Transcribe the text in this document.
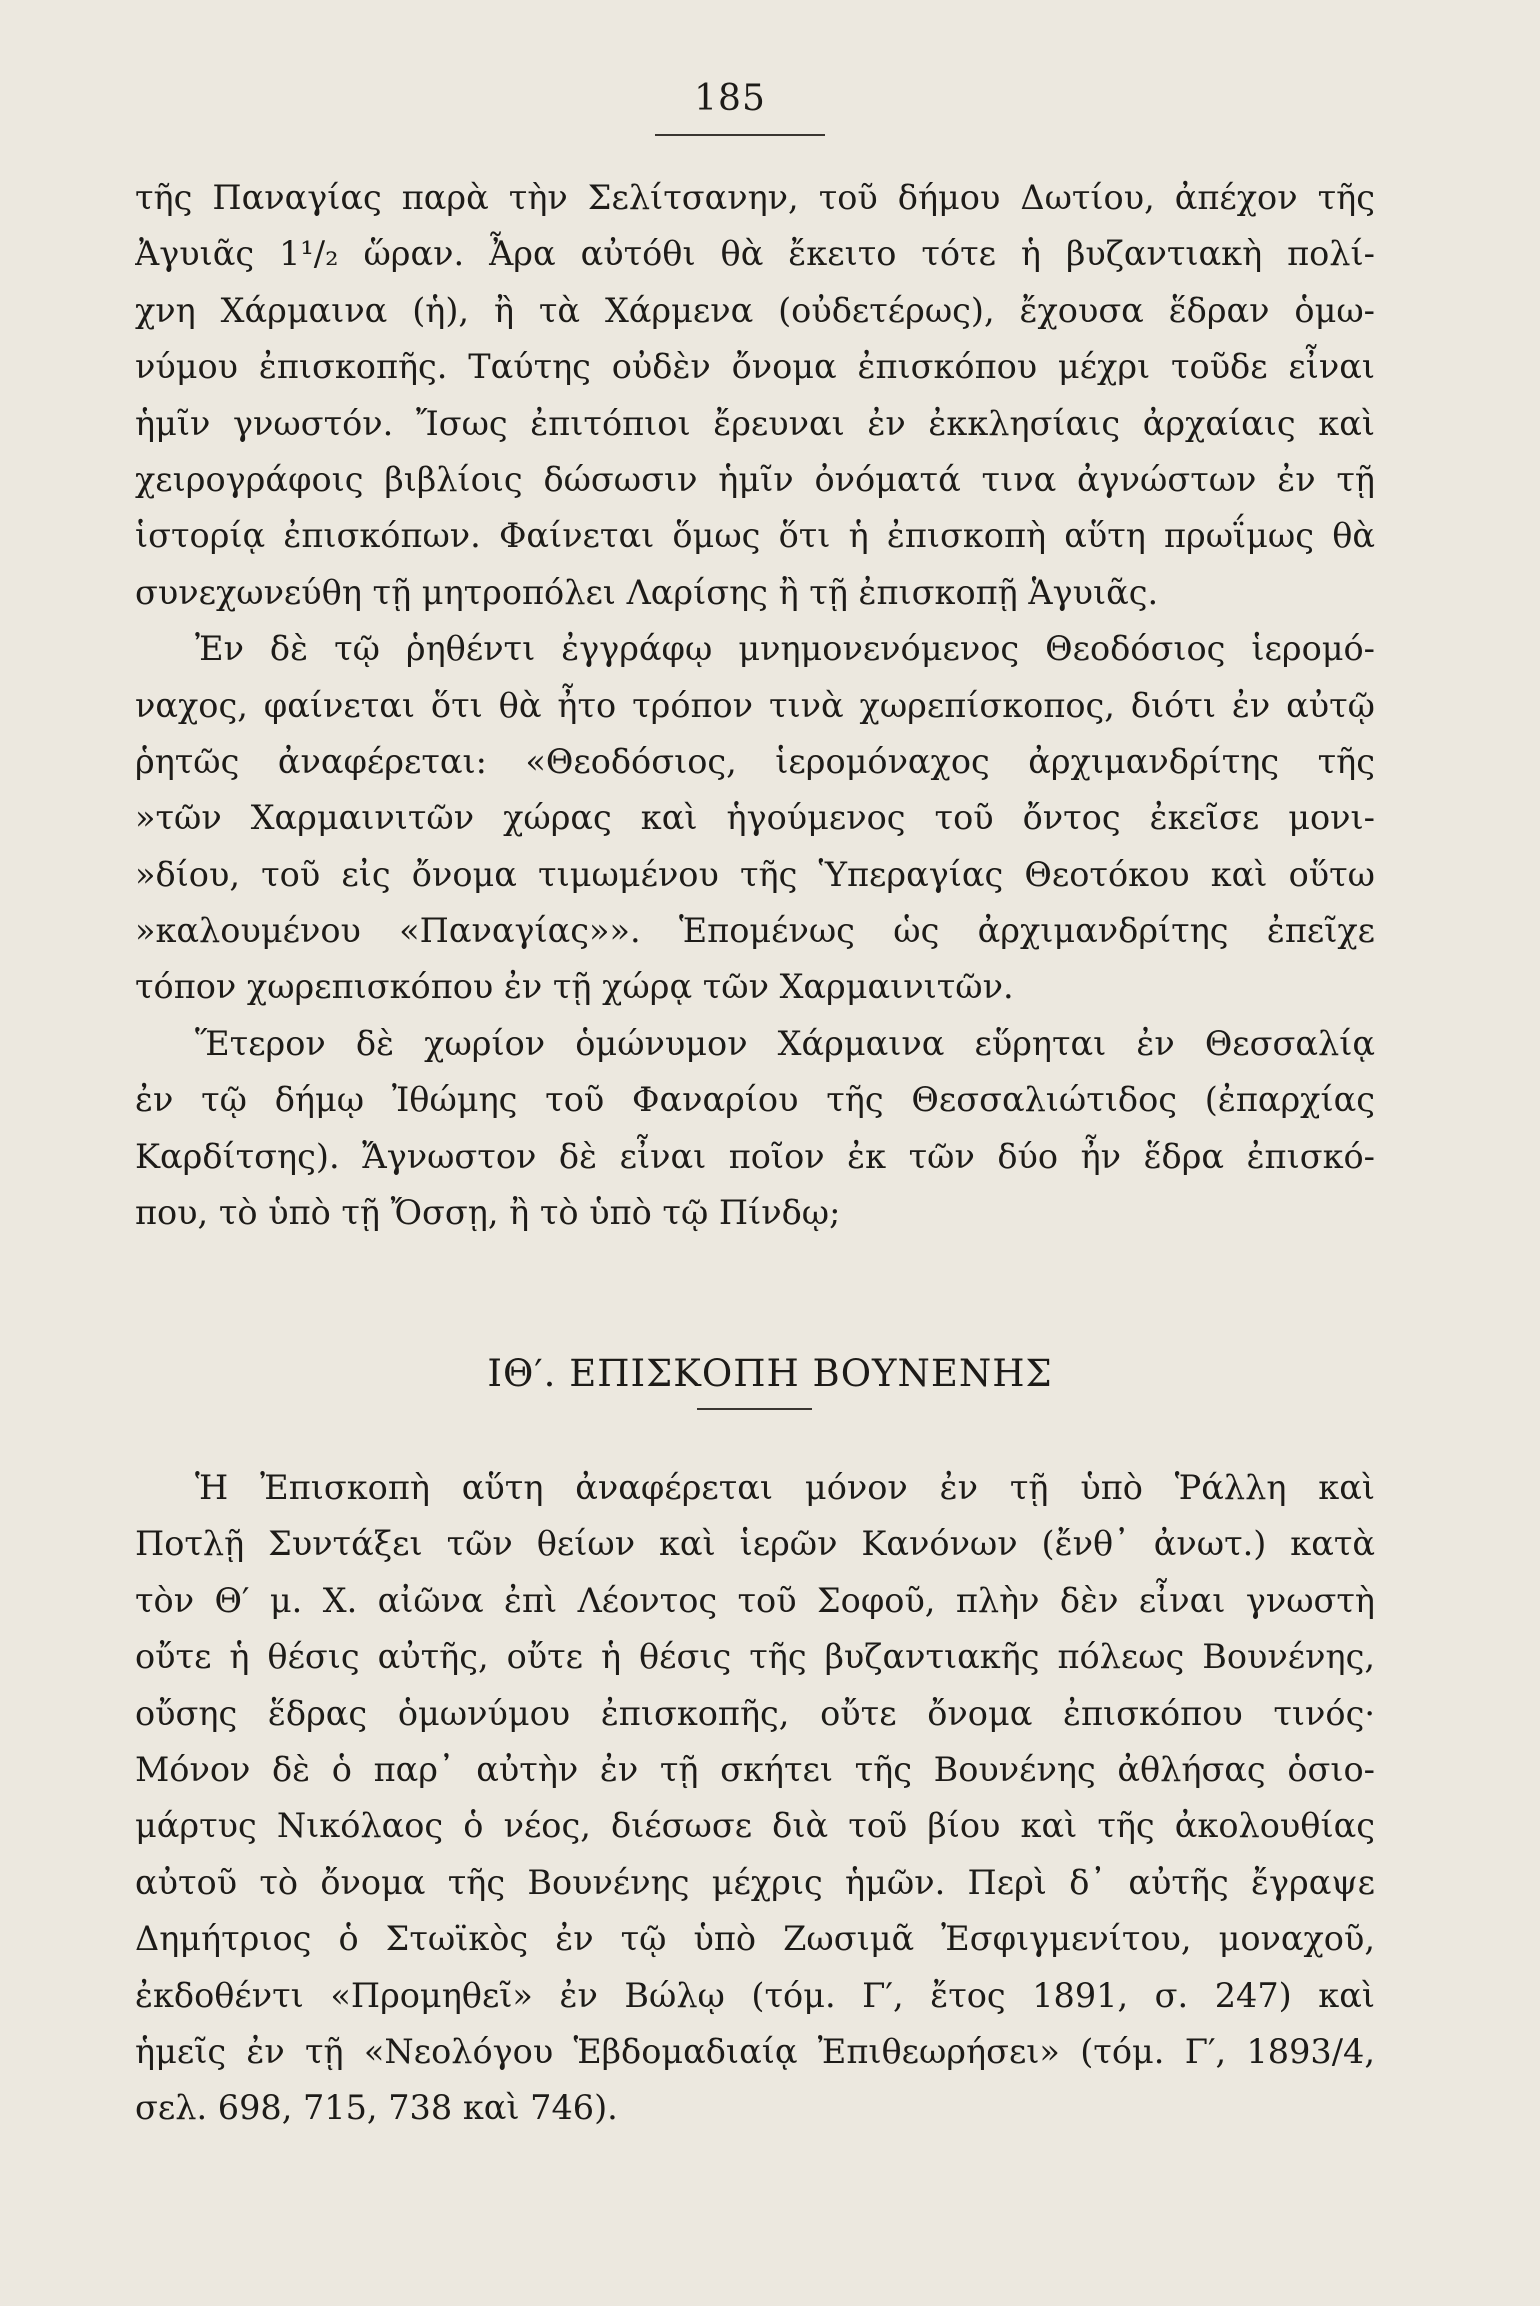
185
τῆς Παναγίας παρὰ τὴν Σελίτσανην, τοῦ δήμου Δωτίου, ἀπέχον τῆς
Ἀγυιᾶς 1¹/₂ ὥραν. Ἆρα αὐτόθι θὰ ἔκειτο τότε ἡ βυζαντιακὴ πολί-
χνη Χάρμαινα (ἡ), ἢ τὰ Χάρμενα (οὐδετέρως), ἔχουσα ἕδραν ὁμω-
νύμου ἐπισκοπῆς. Ταύτης οὐδὲν ὄνομα ἐπισκόπου μέχρι τοῦδε εἶναι
ἡμῖν γνωστόν. Ἴσως ἐπιτόπιοι ἔρευναι ἐν ἐκκλησίαις ἀρχαίαις καὶ
χειρογράφοις βιβλίοις δώσωσιν ἡμῖν ὀνόματά τινα ἀγνώστων ἐν τῇ
ἱστορίᾳ ἐπισκόπων. Φαίνεται ὅμως ὅτι ἡ ἐπισκοπὴ αὕτη πρωΐμως θὰ
συνεχωνεύθη τῇ μητροπόλει Λαρίσης ἢ τῇ ἐπισκοπῇ Ἁγυιᾶς.
Ἐν δὲ τῷ ῥηθέντι ἐγγράφῳ μνημονενόμενος Θεοδόσιος ἱερομό-
ναχος, φαίνεται ὅτι θὰ ἦτο τρόπον τινὰ χωρεπίσκοπος, διότι ἐν αὐτῷ
ῥητῶς ἀναφέρεται: «Θεοδόσιος, ἱερομόναχος ἀρχιμανδρίτης τῆς
»τῶν Χαρμαινιτῶν χώρας καὶ ἡγούμενος τοῦ ὄντος ἐκεῖσε μονι-
»δίου, τοῦ εἰς ὄνομα τιμωμένου τῆς Ὑπεραγίας Θεοτόκου καὶ οὕτω
»καλουμένου «Παναγίας»». Ἑπομένως ὡς ἀρχιμανδρίτης ἐπεῖχε
τόπον χωρεπισκόπου ἐν τῇ χώρᾳ τῶν Χαρμαινιτῶν.
Ἕτερον δὲ χωρίον ὁμώνυμον Χάρμαινα εὕρηται ἐν Θεσσαλίᾳ
ἐν τῷ δήμῳ Ἰθώμης τοῦ Φαναρίου τῆς Θεσσαλιώτιδος (ἐπαρχίας
Καρδίτσης). Ἄγνωστον δὲ εἶναι ποῖον ἐκ τῶν δύο ἦν ἕδρα ἐπισκό-
που, τὸ ὑπὸ τῇ Ὄσσῃ, ἢ τὸ ὑπὸ τῷ Πίνδῳ;
ΙΘ′. ΕΠΙΣΚΟΠΗ ΒΟΥΝΕΝΗΣ
Ἡ Ἐπισκοπὴ αὕτη ἀναφέρεται μόνον ἐν τῇ ὑπὸ Ῥάλλη καὶ
Ποτλῇ Συντάξει τῶν θείων καὶ ἱερῶν Κανόνων (ἔνθ᾽ ἀνωτ.) κατὰ
τὸν Θ′ μ. Χ. αἰῶνα ἐπὶ Λέοντος τοῦ Σοφοῦ, πλὴν δὲν εἶναι γνωστὴ
οὔτε ἡ θέσις αὐτῆς, οὔτε ἡ θέσις τῆς βυζαντιακῆς πόλεως Βουνένης,
οὔσης ἕδρας ὁμωνύμου ἐπισκοπῆς, οὔτε ὄνομα ἐπισκόπου τινός·
Μόνον δὲ ὁ παρ᾽ αὐτὴν ἐν τῇ σκήτει τῆς Βουνένης ἀθλήσας ὁσιο-
μάρτυς Νικόλαος ὁ νέος, διέσωσε διὰ τοῦ βίου καὶ τῆς ἀκολουθίας
αὐτοῦ τὸ ὄνομα τῆς Βουνένης μέχρις ἡμῶν. Περὶ δ᾽ αὐτῆς ἔγραψε
Δημήτριος ὁ Στωϊκὸς ἐν τῷ ὑπὸ Ζωσιμᾶ Ἐσφιγμενίτου, μοναχοῦ,
ἐκδοθέντι «Προμηθεῖ» ἐν Βώλῳ (τόμ. Γ′, ἔτος 1891, σ. 247) καὶ
ἡμεῖς ἐν τῇ «Νεολόγου Ἑβδομαδιαίᾳ Ἐπιθεωρήσει» (τόμ. Γ′, 1893/4,
σελ. 698, 715, 738 καὶ 746).
